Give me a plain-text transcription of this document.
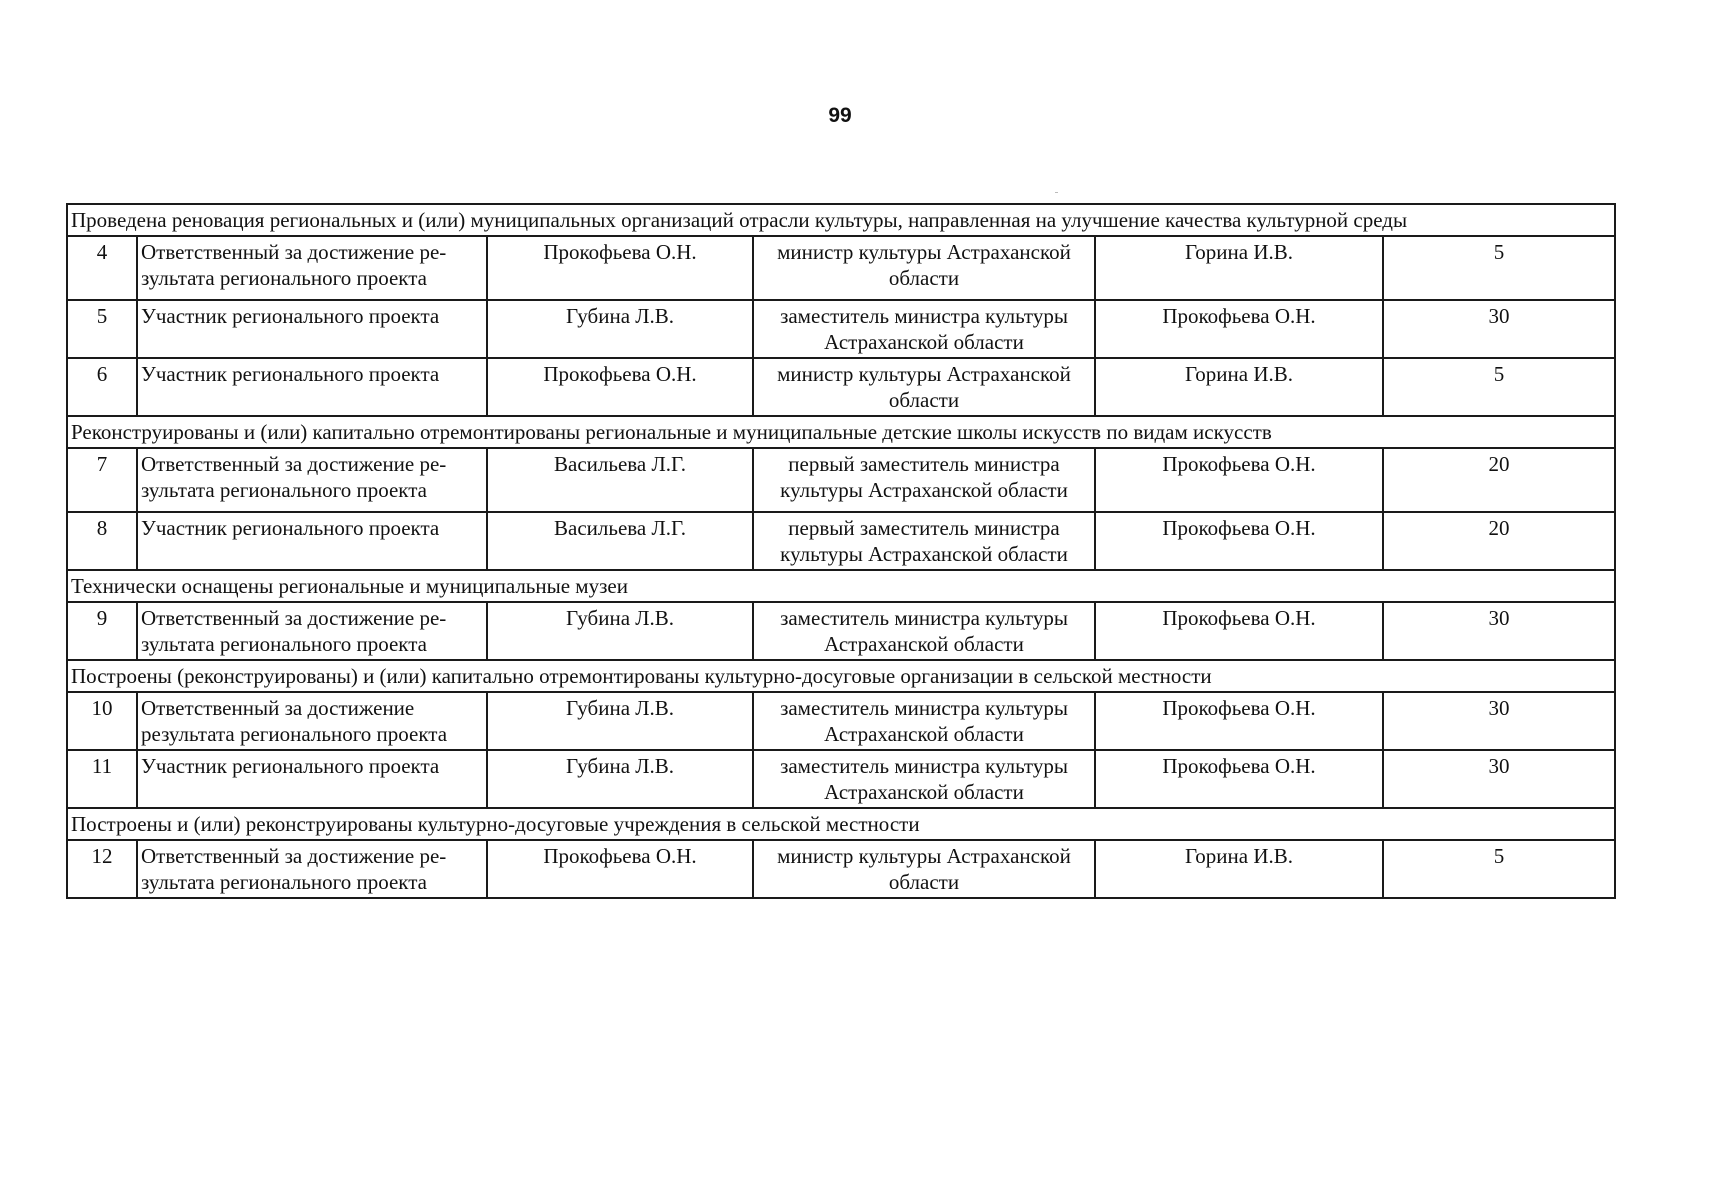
99
Проведена реновация региональных и (или) муниципальных организаций отрасли культуры, направленная на улучшение качества культурной среды					
4	Ответственный за достижение ре-зультата регионального проекта	Прокофьева О.Н.	министр культуры Астраханской области	Горина И.В.	5
5	Участник регионального проекта	Губина Л.В.	заместитель министра культуры Астраханской области	Прокофьева О.Н.	30
6	Участник регионального проекта	Прокофьева О.Н.	министр культуры Астраханской области	Горина И.В.	5
Реконструированы и (или) капитально отремонтированы региональные и муниципальные детские школы искусств по видам искусств					
7	Ответственный за достижение ре-зультата регионального проекта	Васильева Л.Г.	первый заместитель министра культуры Астраханской области	Прокофьева О.Н.	20
8	Участник регионального проекта	Васильева Л.Г.	первый заместитель министра культуры Астраханской области	Прокофьева О.Н.	20
Технически оснащены региональные и муниципальные музеи					
9	Ответственный за достижение ре-зультата регионального проекта	Губина Л.В.	заместитель министра культуры Астраханской области	Прокофьева О.Н.	30
Построены (реконструированы) и (или) капитально отремонтированы культурно-досуговые организации в сельской местности					
10	Ответственный за достижение результата регионального проекта	Губина Л.В.	заместитель министра культуры Астраханской области	Прокофьева О.Н.	30
11	Участник регионального проекта	Губина Л.В.	заместитель министра культуры Астраханской области	Прокофьева О.Н.	30
Построены и (или) реконструированы культурно-досуговые учреждения в сельской местности					
12	Ответственный за достижение ре-зультата регионального проекта	Прокофьева О.Н.	министр культуры Астраханской области	Горина И.В.	5
